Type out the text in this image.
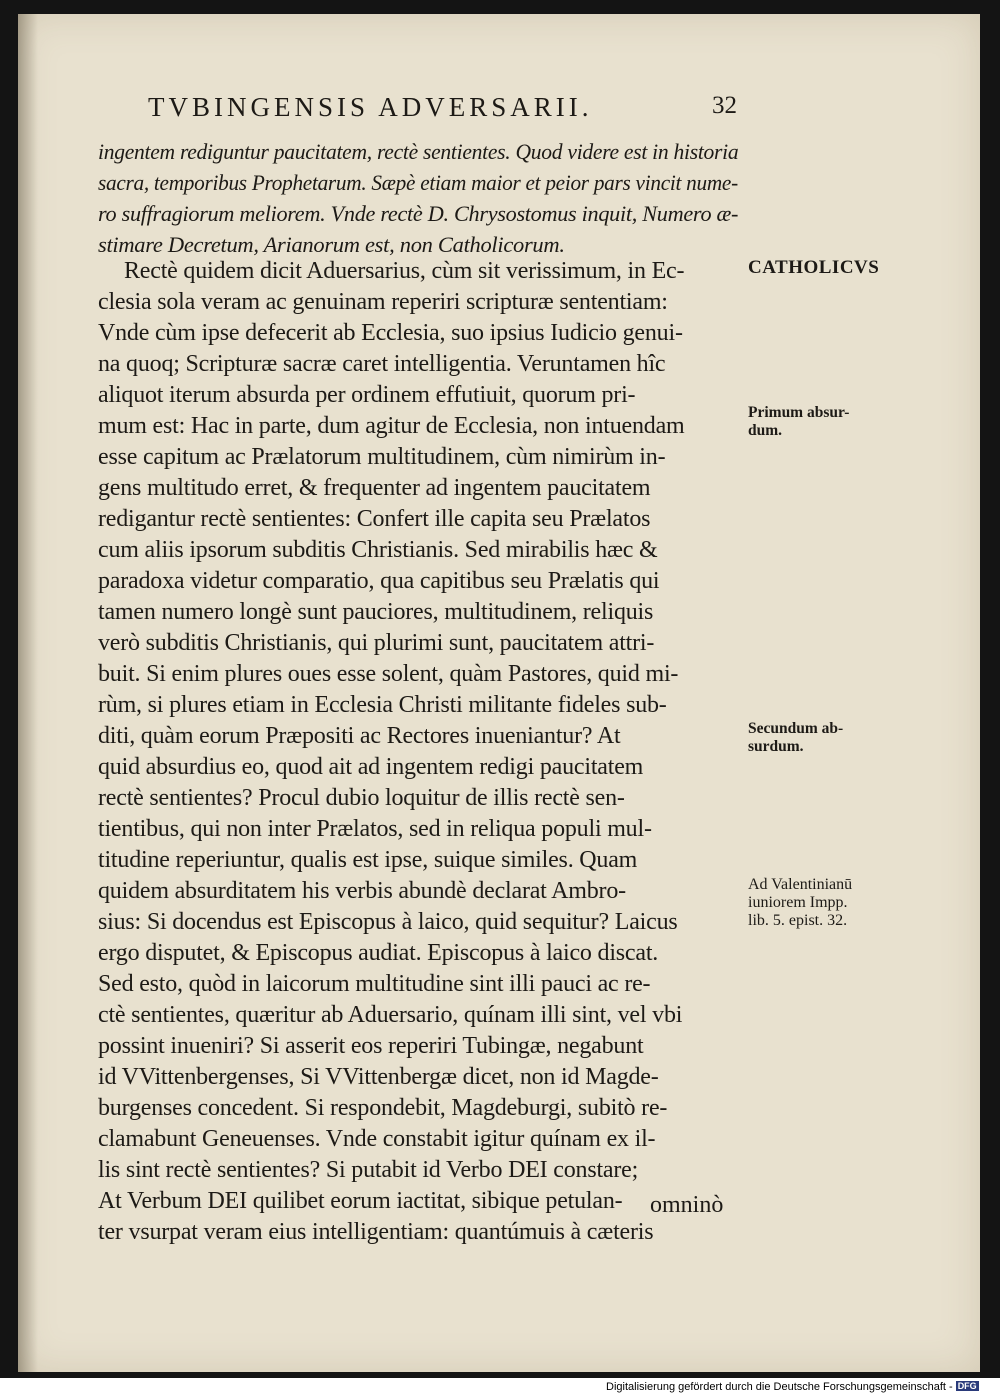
TVBINGENSIS ADVERSARII.	32
ingentem rediguntur paucitatem, rectè sentientes. Quod videre est in historia
sacra, temporibus Prophetarum. Sæpè etiam maior et peior pars vincit nume-
ro suffragiorum meliorem. Vnde rectè D. Chrysostomus inquit, Numero æ-
stimare Decretum, Arianorum est, non Catholicorum.
Rectè quidem dicit Aduersarius, cùm sit verissimum, in Ec-
clesia sola veram ac genuinam reperiri scripturæ sententiam:
Vnde cùm ipse defecerit ab Ecclesia, suo ipsius Iudicio genui-
na quoq; Scripturæ sacræ caret intelligentia. Veruntamen hîc
aliquot iterum absurda per ordinem effutiuit, quorum pri-
mum est: Hac in parte, dum agitur de Ecclesia, non intuendam
esse capitum ac Prælatorum multitudinem, cùm nimirùm in-
gens multitudo erret, & frequenter ad ingentem paucitatem
redigantur rectè sentientes: Confert ille capita seu Prælatos
cum aliis ipsorum subditis Christianis. Sed mirabilis hæc &
paradoxa videtur comparatio, qua capitibus seu Prælatis qui
tamen numero longè sunt pauciores, multitudinem, reliquis
verò subditis Christianis, qui plurimi sunt, paucitatem attri-
buit. Si enim plures oues esse solent, quàm Pastores, quid mi-
rùm, si plures etiam in Ecclesia Christi militante fideles sub-
diti, quàm eorum Præpositi ac Rectores inueniantur? At
quid absurdius eo, quod ait ad ingentem redigi paucitatem
rectè sentientes? Procul dubio loquitur de illis rectè sen-
tientibus, qui non inter Prælatos, sed in reliqua populi mul-
titudine reperiuntur, qualis est ipse, suique similes. Quam
quidem absurditatem his verbis abundè declarat Ambro-
sius: Si docendus est Episcopus à laico, quid sequitur? Laicus
ergo disputet, & Episcopus audiat. Episcopus à laico discat.
Sed esto, quòd in laicorum multitudine sint illi pauci ac re-
ctè sentientes, quæritur ab Aduersario, quínam illi sint, vel vbi
possint inueniri? Si asserit eos reperiri Tubingæ, negabunt
id VVittenbergenses, Si VVittenbergæ dicet, non id Magde-
burgenses concedent. Si respondebit, Magdeburgi, subitò re-
clamabunt Geneuenses. Vnde constabit igitur quínam ex il-
lis sint rectè sentientes? Si putabit id Verbo DEI constare;
At Verbum DEI quilibet eorum iactitat, sibique petulan-
ter vsurpat veram eius intelligentiam: quantúmuis à cæteris
omninò
CATHOLICVS
Primum absur-
dum.
Secundum ab-
surdum.
Ad Valentinianū
iuniorem Impp.
lib. 5. epist. 32.
Digitalisierung gefördert durch die Deutsche Forschungsgemeinschaft - DFG
